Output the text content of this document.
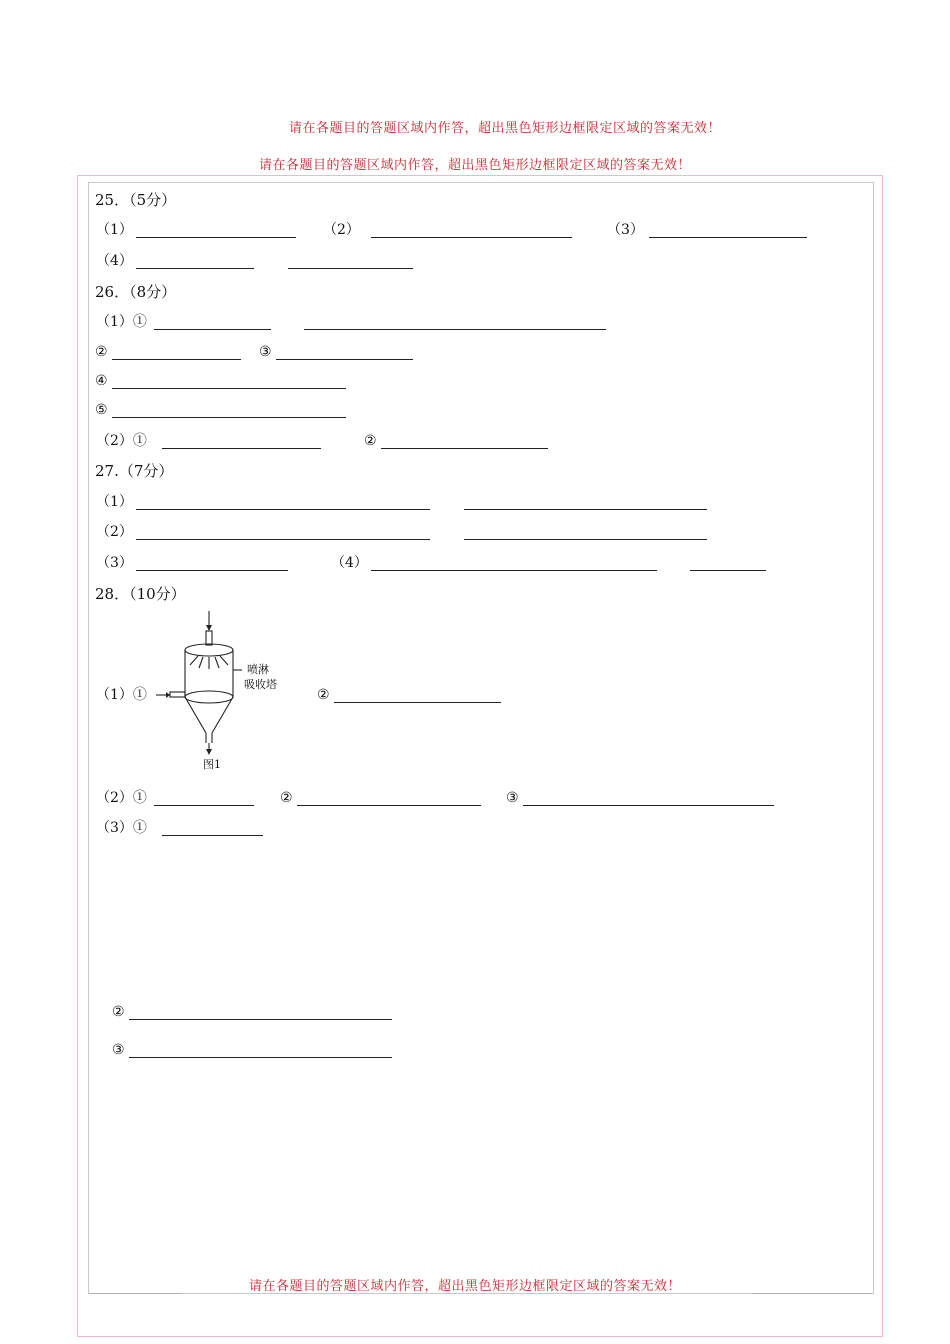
请在各题目的答题区域内作答，超出黑色矩形边框限定区域的答案无效！
请在各题目的答题区域内作答，超出黑色矩形边框限定区域的答案无效！
25．（5分）
（1）	（2）	（3）
（4）
26．（8分）
（1）①
②	③
④
⑤
（2）①	②
27.（7分）
（1）
（2）
（3）	（4）
28．（10分）
喷淋
吸收塔
图1
（1）①	②
（2）①	②	③
（3）①
②
③
请在各题目的答题区域内作答，超出黑色矩形边框限定区域的答案无效！
